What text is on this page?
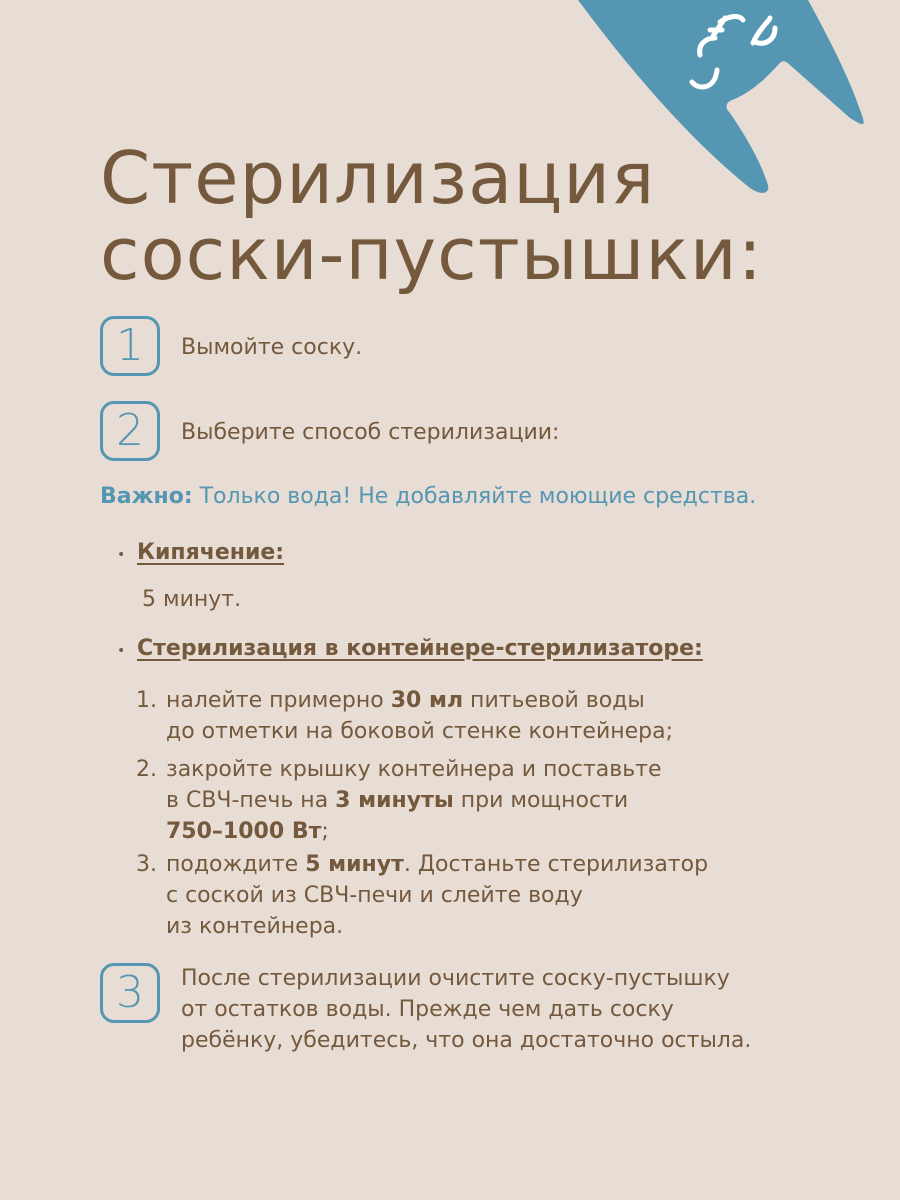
Стерилизация
соски-пустышки:
1	Вымойте соску.
2	Выберите способ стерилизации:
Важно: Только вода! Не добавляйте моющие средства.
• Кипячение:
5 минут.
• Стерилизация в контейнере-стерилизаторе:
1. налейте примерно 30 мл питьевой воды
до отметки на боковой стенке контейнера;
2. закройте крышку контейнера и поставьте
в СВЧ-печь на 3 минуты при мощности
750–1000 Вт;
3. подождите 5 минут. Достаньте стерилизатор
с соской из СВЧ-печи и слейте воду
из контейнера.
3	После стерилизации очистите соску-пустышку
от остатков воды. Прежде чем дать соску
ребёнку, убедитесь, что она достаточно остыла.
